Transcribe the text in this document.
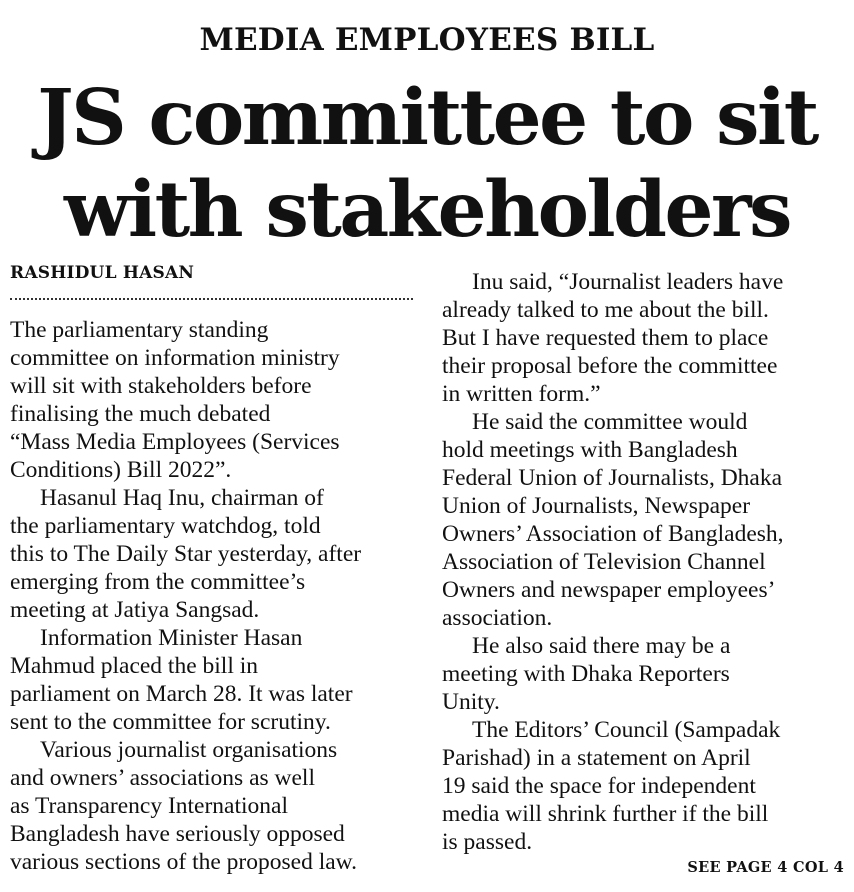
MEDIA EMPLOYEES BILL
JS committee to sit
with stakeholders
RASHIDUL HASAN
The parliamentary standing
committee on information ministry
will sit with stakeholders before
finalising the much debated
“Mass Media Employees (Services
Conditions) Bill 2022”.
Hasanul Haq Inu, chairman of
the parliamentary watchdog, told
this to The Daily Star yesterday, after
emerging from the committee’s
meeting at Jatiya Sangsad.
Information Minister Hasan
Mahmud placed the bill in
parliament on March 28. It was later
sent to the committee for scrutiny.
Various journalist organisations
and owners’ associations as well
as Transparency International
Bangladesh have seriously opposed
various sections of the proposed law.
Inu said, “Journalist leaders have
already talked to me about the bill.
But I have requested them to place
their proposal before the committee
in written form.”
He said the committee would
hold meetings with Bangladesh
Federal Union of Journalists, Dhaka
Union of Journalists, Newspaper
Owners’ Association of Bangladesh,
Association of Television Channel
Owners and newspaper employees’
association.
He also said there may be a
meeting with Dhaka Reporters
Unity.
The Editors’ Council (Sampadak
Parishad) in a statement on April
19 said the space for independent
media will shrink further if the bill
is passed.
SEE PAGE 4 COL 4
